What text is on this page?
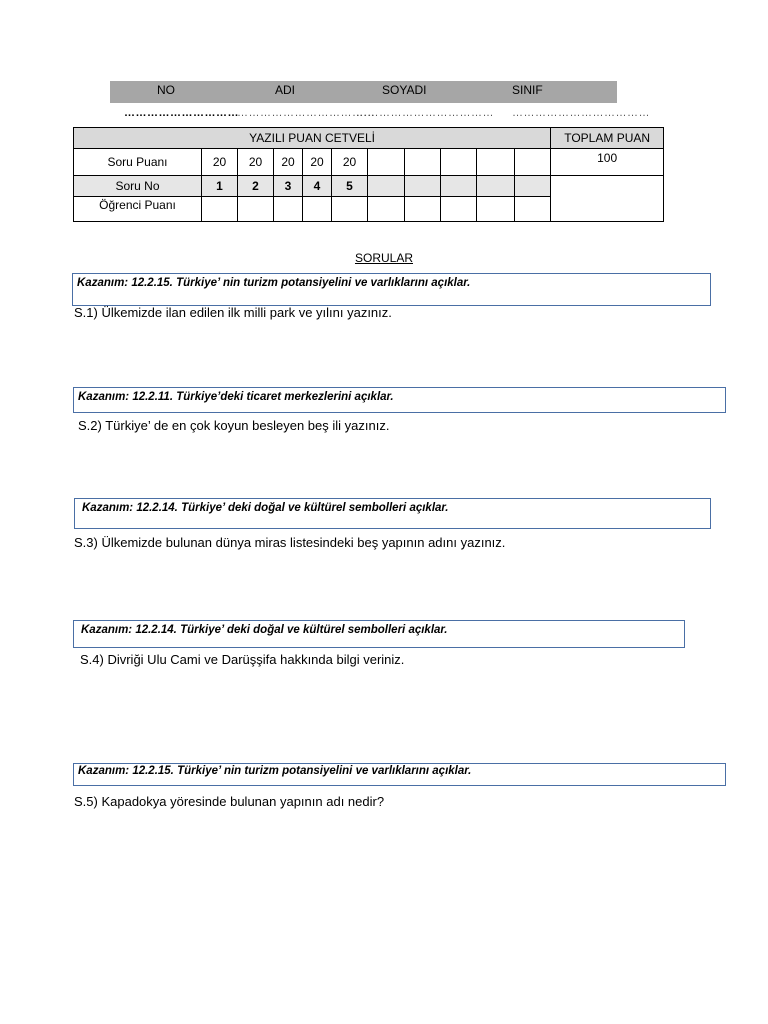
NO	ADI	SOYADI	SINIF
…………………………
………………………………
……………………………… ………………………………
YAZILI PUAN CETVELİ											TOPLAM PUAN
Soru Puanı	20	20	20	20	20						100
Soru No	1	2	3	4	5						
Öğrenci Puanı											
SORULAR
Kazanım: 12.2.15. Türkiye’ nin turizm potansiyelini ve varlıklarını açıklar.
S.1) Ülkemizde ilan edilen ilk milli park ve yılını yazınız.
Kazanım: 12.2.11. Türkiye’deki ticaret merkezlerini açıklar.
S.2) Türkiye’ de en çok koyun besleyen beş ili yazınız.
Kazanım: 12.2.14. Türkiye’ deki doğal ve kültürel sembolleri açıklar.
S.3) Ülkemizde bulunan dünya miras listesindeki beş yapının adını yazınız.
Kazanım: 12.2.14. Türkiye’ deki doğal ve kültürel sembolleri açıklar.
S.4) Divriği Ulu Cami ve Darüşşifa hakkında bilgi veriniz.
Kazanım: 12.2.15. Türkiye’ nin turizm potansiyelini ve varlıklarını açıklar.
S.5) Kapadokya yöresinde bulunan yapının adı nedir?
